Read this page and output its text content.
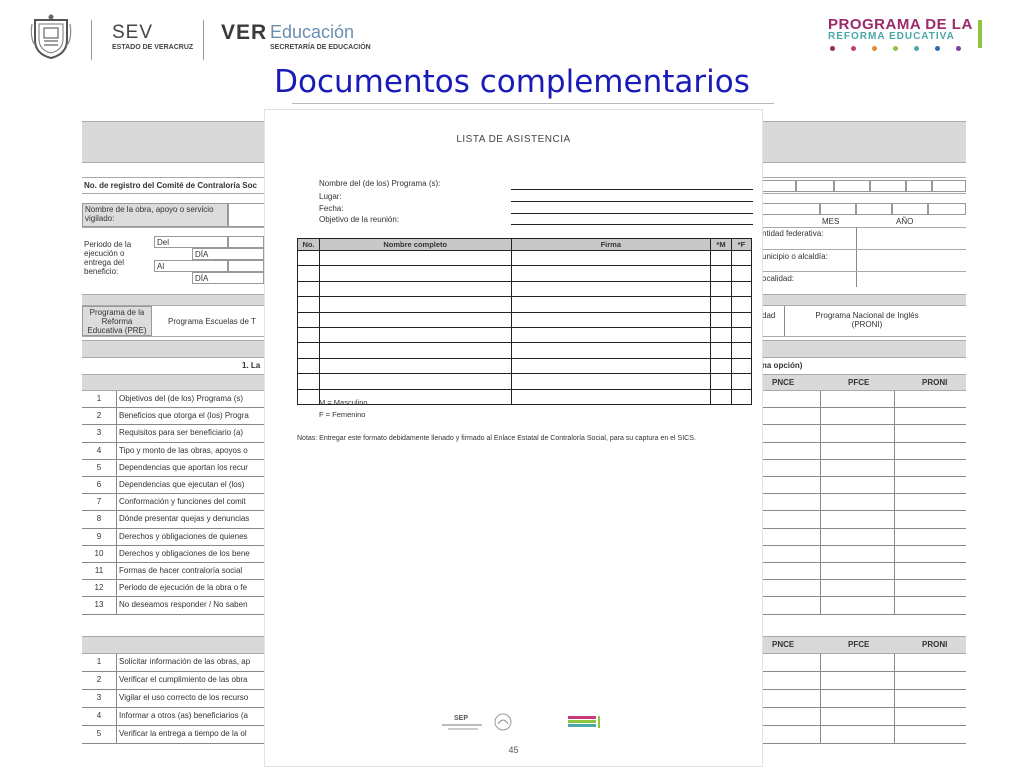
SEV
ESTADO DE VERACRUZ
VER Educación
SECRETARÍA DE EDUCACIÓN
PROGRAMA DE LA
REFORMA EDUCATIVA
Documentos complementarios
No. de registro del Comité de Contraloría Soc
Nombre de la obra, apoyo o servicio vigilado:	MES	AÑO
Periodo de la ejecución o entrega del beneficio:
Del
DÍA
Al
DÍA
ntidad federativa:
unicipio o alcaldía:
ocalidad:
Programa de la Reforma Educativa (PRE)
Programa Escuelas de T
dad	Programa Nacional de Inglés (PRONI)
1. La	na opción)
PNCE	PFCE	PRONI
1	Objetivos del (de los) Programa (s)
2	Beneficios que otorga el (los) Progra
3	Requisitos para ser beneficiario (a)
4	Tipo y monto de las obras, apoyos o
5	Dependencias que aportan los recur
6	Dependencias que ejecutan el (los)
7	Conformación y funciones del comit
8	Dónde presentar quejas y denuncias
9	Derechos y obligaciones de quienes
10	Derechos y obligaciones de los bene
11	Formas de hacer contraloría social
12	Periodo de ejecución de la obra o fe
13	No deseamos responder / No saben
PNCE	PFCE	PRONI
1	Solicitar información de las obras, ap
2	Verificar el cumplimiento de las obra
3	Vigilar el uso correcto de los recurso
4	Informar a otros (as) beneficiarios (a
5	Verificar la entrega a tiempo de la ol
LISTA DE ASISTENCIA
Nombre del (de los) Programa (s):
Lugar:
Fecha:
Objetivo de la reunión:
No.	Nombre completo	Firma	*M	*F

M = Masculino
F = Femenino
Notas: Entregar este formato debidamente llenado y firmado al Enlace Estatal de Contraloría Social, para su captura en el SICS.
SEP
45
